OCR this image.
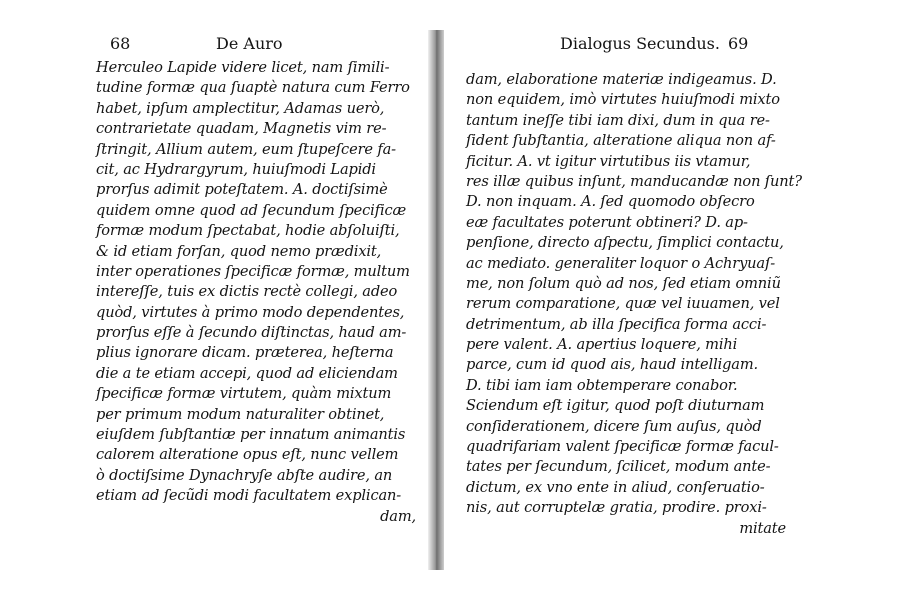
68	De Auro
Herculeo Lapide videre licet, nam ſimili-
tudine formæ qua ſuaptè natura cum Ferro
habet, ipſum amplectitur, Adamas uerò,
contrarietate quadam, Magnetis vim re-
ſtringit, Allium autem, eum ſtupeſcere fa-
cit, ac Hydrargyrum, huiuſmodi Lapidi
prorſus adimit poteſtatem. A. doctiſsimè
quidem omne quod ad ſecundum ſpecificæ
formæ modum ſpectabat, hodie abſoluiſti,
& id etiam forſan, quod nemo prædixit,
inter operationes ſpecificæ formæ, multum
intereſſe, tuis ex dictis rectè collegi, adeo
quòd, virtutes à primo modo dependentes,
prorſus eſſe à ſecundo diſtinctas, haud am-
plius ignorare dicam. præterea, heſterna
die a te etiam accepi, quod ad eliciendam
ſpecificæ formæ virtutem, quàm mixtum
per primum modum naturaliter obtinet,
eiuſdem ſubſtantiæ per innatum animantis
calorem alteratione opus eſt, nunc vellem
ò doctiſsime Dynachryſe abſte audire, an
etiam ad ſecũdi modi facultatem explican-
dam,
Dialogus Secundus. 69
dam, elaboratione materiæ indigeamus. D.
non equidem, imò virtutes huiuſmodi mixto
tantum ineſſe tibi iam dixi, dum in qua re-
ſident ſubſtantia, alteratione aliqua non af-
ficitur. A. vt igitur virtutibus iis vtamur,
res illæ quibus inſunt, manducandæ non ſunt?
D. non inquam. A. ſed quomodo obſecro
eæ facultates poterunt obtineri? D. ap-
penſione, directo aſpectu, ſimplici contactu,
ac mediato. generaliter loquor o Achryuaſ-
me, non ſolum quò ad nos, ſed etiam omniũ
rerum comparatione, quæ vel iuuamen, vel
detrimentum, ab illa ſpecifica forma acci-
pere valent. A. apertius loquere, mihi
parce, cum id quod ais, haud intelligam.
D. tibi iam iam obtemperare conabor.
Sciendum eſt igitur, quod poſt diuturnam
conſiderationem, dicere ſum auſus, quòd
quadrifariam valent ſpecificæ formæ facul-
tates per ſecundum, ſcilicet, modum ante-
dictum, ex vno ente in aliud, conſeruatio-
nis, aut corruptelæ gratia, prodire. proxi-
mitate
